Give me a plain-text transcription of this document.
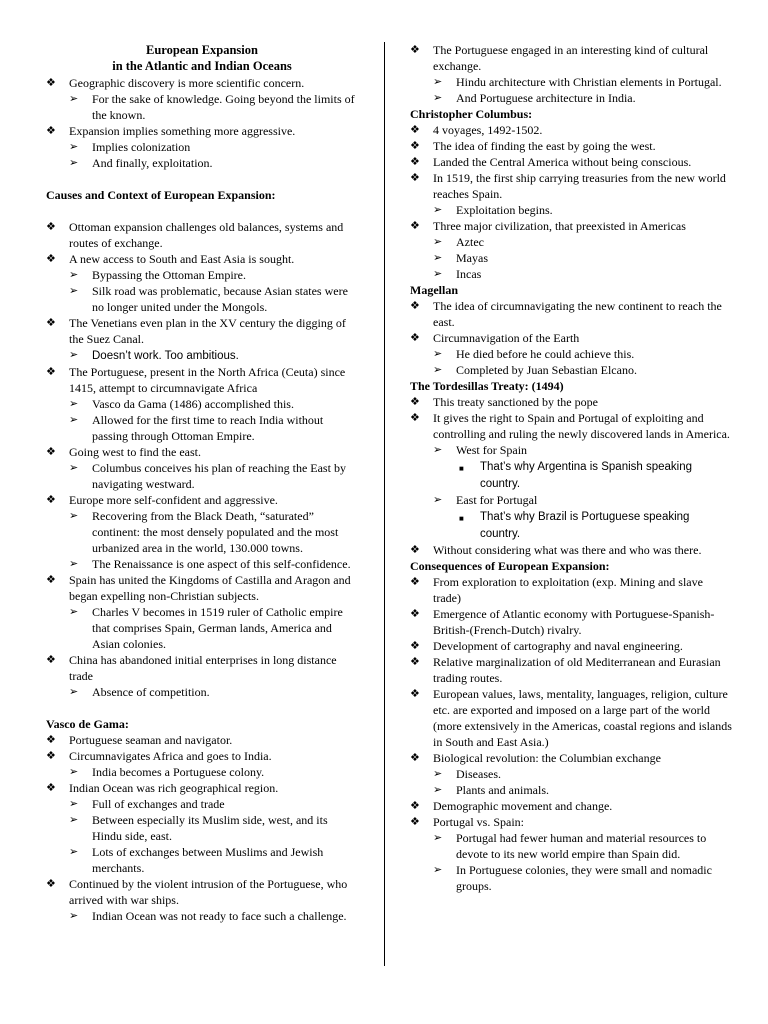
European Expansion
in the Atlantic and Indian Oceans
❖ Geographic discovery is more scientific concern.
➢ For the sake of knowledge. Going beyond the limits of the known.
❖ Expansion implies something more aggressive.
➢ Implies colonization
➢ And finally, exploitation.
Causes and Context of European Expansion:
❖ Ottoman expansion challenges old balances, systems and routes of exchange.
❖ A new access to South and East Asia is sought.
➢ Bypassing the Ottoman Empire.
➢ Silk road was problematic, because Asian states were no longer united under the Mongols.
❖ The Venetians even plan in the XV century the digging of the Suez Canal.
➢ Doesn’t work. Too ambitious.
❖ The Portuguese, present in the North Africa (Ceuta) since 1415, attempt to circumnavigate Africa
➢ Vasco da Gama (1486) accomplished this.
➢ Allowed for the first time to reach India without passing through Ottoman Empire.
❖ Going west to find the east.
➢ Columbus conceives his plan of reaching the East by navigating westward.
❖ Europe more self-confident and aggressive.
➢ Recovering from the Black Death, “saturated” continent: the most densely populated and the most urbanized area in the world, 130.000 towns.
➢ The Renaissance is one aspect of this self-confidence.
❖ Spain has united the Kingdoms of Castilla and Aragon and began expelling non-Christian subjects.
➢ Charles V becomes in 1519 ruler of Catholic empire that comprises Spain, German lands, America and Asian colonies.
❖ China has abandoned initial enterprises in long distance trade
➢ Absence of competition.
Vasco de Gama:
❖ Portuguese seaman and navigator.
❖ Circumnavigates Africa and goes to India.
➢ India becomes a Portuguese colony.
❖ Indian Ocean was rich geographical region.
➢ Full of exchanges and trade
➢ Between especially its Muslim side, west, and its Hindu side, east.
➢ Lots of exchanges between Muslims and Jewish merchants.
❖ Continued by the violent intrusion of the Portuguese, who arrived with war ships.
➢ Indian Ocean was not ready to face such a challenge.
❖ The Portuguese engaged in an interesting kind of cultural exchange.
➢ Hindu architecture with Christian elements in Portugal.
➢ And Portuguese architecture in India.
Christopher Columbus:
❖ 4 voyages, 1492-1502.
❖ The idea of finding the east by going the west.
❖ Landed the Central America without being conscious.
❖ In 1519, the first ship carrying treasuries from the new world reaches Spain.
➢ Exploitation begins.
❖ Three major civilization, that preexisted in Americas
➢ Aztec
➢ Mayas
➢ Incas
Magellan
❖ The idea of circumnavigating the new continent to reach the east.
❖ Circumnavigation of the Earth
➢ He died before he could achieve this.
➢ Completed by Juan Sebastian Elcano.
The Tordesillas Treaty: (1494)
❖ This treaty sanctioned by the pope
❖ It gives the right to Spain and Portugal of exploiting and controlling and ruling the newly discovered lands in America.
➢ West for Spain
■ That’s why Argentina is Spanish speaking country.
➢ East for Portugal
■ That’s why Brazil is Portuguese speaking country.
❖ Without considering what was there and who was there.
Consequences of European Expansion:
❖ From exploration to exploitation (exp. Mining and slave trade)
❖ Emergence of Atlantic economy with Portuguese-Spanish-British-(French-Dutch) rivalry.
❖ Development of cartography and naval engineering.
❖ Relative marginalization of old Mediterranean and Eurasian trading routes.
❖ European values, laws, mentality, languages, religion, culture etc. are exported and imposed on a large part of the world (more extensively in the Americas, coastal regions and islands in South and East Asia.)
❖ Biological revolution: the Columbian exchange
➢ Diseases.
➢ Plants and animals.
❖ Demographic movement and change.
❖ Portugal vs. Spain:
➢ Portugal had fewer human and material resources to devote to its new world empire than Spain did.
➢ In Portuguese colonies, they were small and nomadic groups.
